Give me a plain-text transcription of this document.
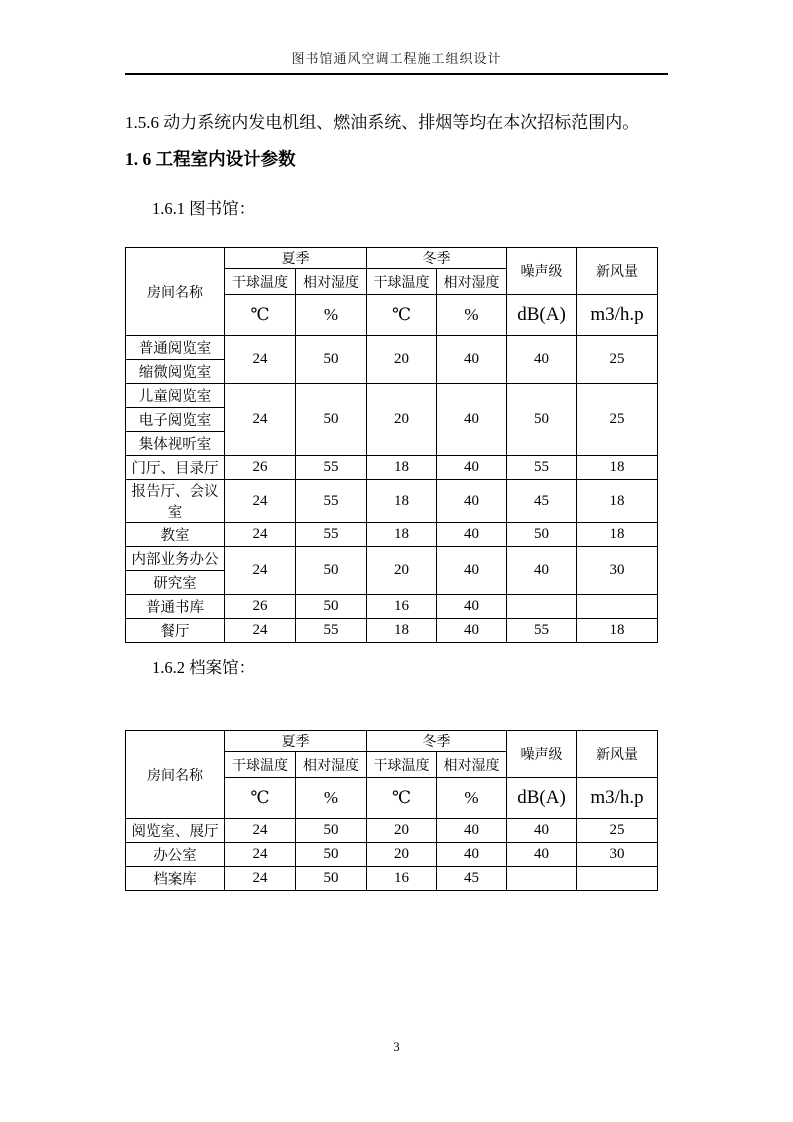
图书馆通风空调工程施工组织设计

1.5.6 动力系统内发电机组、燃油系统、排烟等均在本次招标范围内。

1. 6 工程室内设计参数
1.6.1 图书馆：
房间名称	夏季		冬季		噪声级	新风量
	干球温度	相对湿度	干球温度	相对湿度		
	℃	%	℃	%	dB(A)	m3/h.p
普通阅览室	24	50	20	40	40	25
缩微阅览室						
儿童阅览室	24	50	20	40	50	25
电子阅览室						
集体视听室						
门厅、目录厅	26	55	18	40	55	18
报告厅、会议室	24	55	18	40	45	18
教室	24	55	18	40	50	18
内部业务办公	24	50	20	40	40	30
研究室						
普通书库	26	50	16	40		
餐厅	24	55	18	40	55	18
1.6.2 档案馆：
房间名称	夏季		冬季		噪声级	新风量
	干球温度	相对湿度	干球温度	相对湿度		
	℃	%	℃	%	dB(A)	m3/h.p
阅览室、展厅	24	50	20	40	40	25
办公室	24	50	20	40	40	30
档案库	24	50	16	45		
3
